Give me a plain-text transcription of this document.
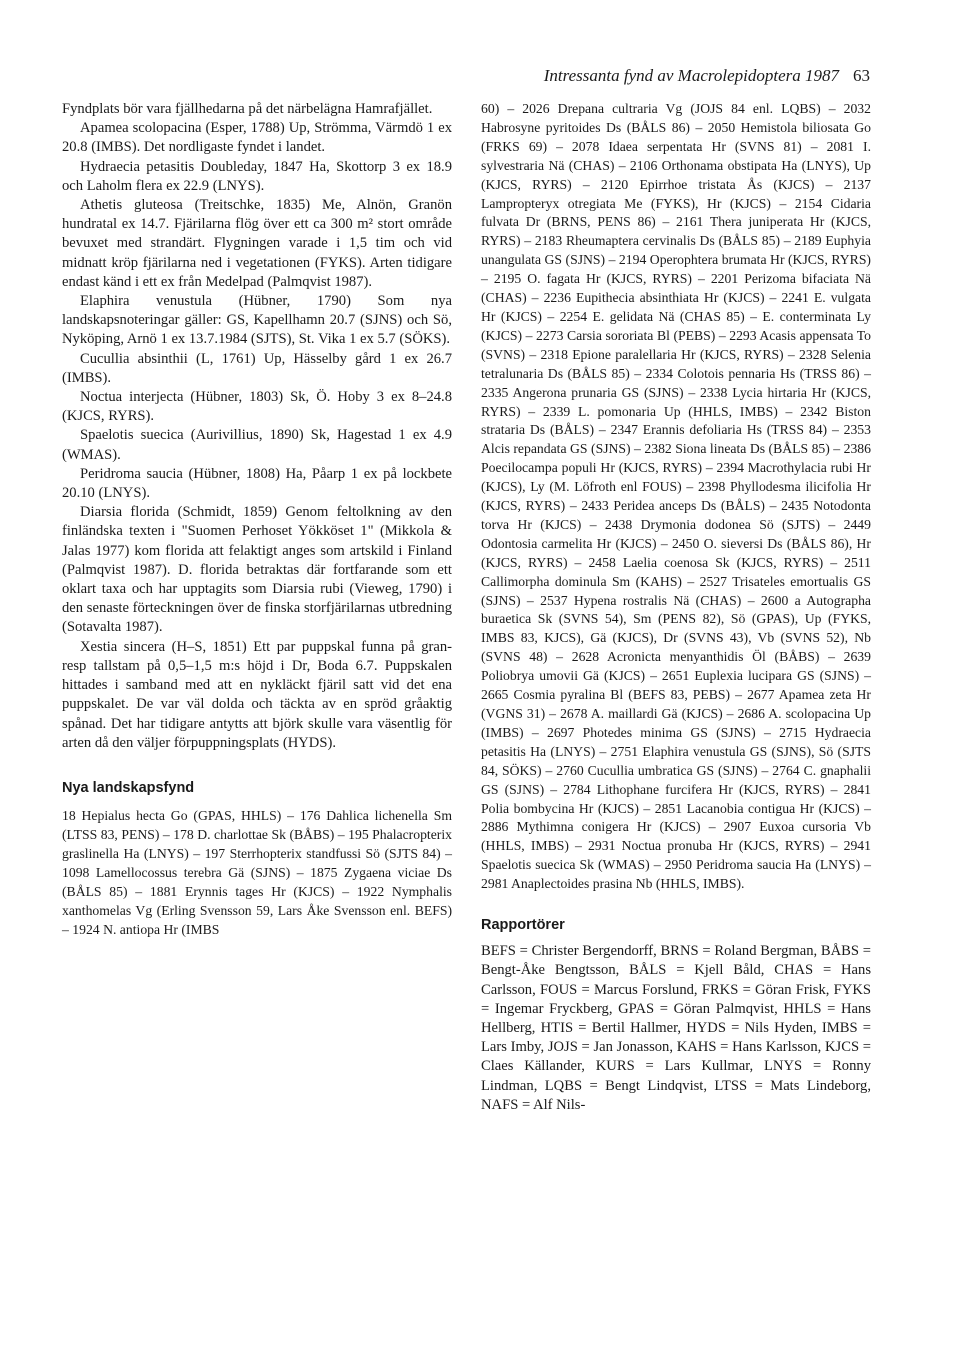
Intressanta fynd av Macrolepidoptera 1987 63

Fyndplats bör vara fjällhedarna på det närbelägna Hamrafjället.

Apamea scolopacina (Esper, 1788) Up, Strömma, Värmdö 1 ex 20.8 (IMBS). Det nordligaste fyndet i landet.

Hydraecia petasitis Doubleday, 1847 Ha, Skottorp 3 ex 18.9 och Laholm flera ex 22.9 (LNYS).

Athetis gluteosa (Treitschke, 1835) Me, Alnön, Granön hundratal ex 14.7. Fjärilarna flög över ett ca 300 m² stort område bevuxet med strandärt. Flygningen varade i 1,5 tim och vid midnatt kröp fjärilarna ned i vegetationen (FYKS). Arten tidigare endast känd i ett ex från Medelpad (Palmqvist 1987).

Elaphira venustula (Hübner, 1790) Som nya landskapsnoteringar gäller: GS, Kapellhamn 20.7 (SJNS) och Sö, Nyköping, Arnö 1 ex 13.7.1984 (SJTS), St. Vika 1 ex 5.7 (SÖKS).

Cucullia absinthii (L, 1761) Up, Hässelby gård 1 ex 26.7 (IMBS).

Noctua interjecta (Hübner, 1803) Sk, Ö. Hoby 3 ex 8–24.8 (KJCS, RYRS).

Spaelotis suecica (Aurivillius, 1890) Sk, Hagestad 1 ex 4.9 (WMAS).

Peridroma saucia (Hübner, 1808) Ha, Påarp 1 ex på lockbete 20.10 (LNYS).

Diarsia florida (Schmidt, 1859) Genom feltolkning av den finländska texten i "Suomen Perhoset Yökköset 1" (Mikkola & Jalas 1977) kom florida att felaktigt anges som artskild i Finland (Palmqvist 1987). D. florida betraktas där fortfarande som ett oklart taxa och har upptagits som Diarsia rubi (Vieweg, 1790) i den senaste förteckningen över de finska storfjärilarnas utbredning (Sotavalta 1987).

Xestia sincera (H–S, 1851) Ett par puppskal funna på gran- resp tallstam på 0,5–1,5 m:s höjd i Dr, Boda 6.7. Puppskalen hittades i samband med att en nykläckt fjäril satt vid det ena puppskalet. De var väl dolda och täckta av en spröd gråaktig spånad. Det har tidigare antytts att björk skulle vara väsentlig för arten då den väljer förpuppningsplats (HYDS).

Nya landskapsfynd

18 Hepialus hecta Go (GPAS, HHLS) – 176 Dahlica lichenella Sm (LTSS 83, PENS) – 178 D. charlottae Sk (BÅBS) – 195 Phalacropterix graslinella Ha (LNYS) – 197 Sterrhopterix standfussi Sö (SJTS 84) – 1098 Lamellocossus terebra Gä (SJNS) – 1875 Zygaena viciae Ds (BÅLS 85) – 1881 Erynnis tages Hr (KJCS) – 1922 Nymphalis xanthomelas Vg (Erling Svensson 59, Lars Åke Svensson enl. BEFS) – 1924 N. antiopa Hr (IMBS

60) – 2026 Drepana cultraria Vg (JOJS 84 enl. LQBS) – 2032 Habrosyne pyritoides Ds (BÅLS 86) – 2050 Hemistola biliosata Go (FRKS 69) – 2078 Idaea serpentata Hr (SVNS 81) – 2081 I. sylvestraria Nä (CHAS) – 2106 Orthonama obstipata Ha (LNYS), Up (KJCS, RYRS) – 2120 Epirrhoe tristata Ås (KJCS) – 2137 Lampropteryx otregiata Me (FYKS), Hr (KJCS) – 2154 Cidaria fulvata Dr (BRNS, PENS 86) – 2161 Thera juniperata Hr (KJCS, RYRS) – 2183 Rheumaptera cervinalis Ds (BÅLS 85) – 2189 Euphyia unangulata GS (SJNS) – 2194 Operophtera brumata Hr (KJCS, RYRS) – 2195 O. fagata Hr (KJCS, RYRS) – 2201 Perizoma bifaciata Nä (CHAS) – 2236 Eupithecia absinthiata Hr (KJCS) – 2241 E. vulgata Hr (KJCS) – 2254 E. gelidata Nä (CHAS 85) – E. conterminata Ly (KJCS) – 2273 Carsia sororiata Bl (PEBS) – 2293 Acasis appensata To (SVNS) – 2318 Epione paralellaria Hr (KJCS, RYRS) – 2328 Selenia tetralunaria Ds (BÅLS 85) – 2334 Colotois pennaria Hs (TRSS 86) – 2335 Angerona prunaria GS (SJNS) – 2338 Lycia hirtaria Hr (KJCS, RYRS) – 2339 L. pomonaria Up (HHLS, IMBS) – 2342 Biston strataria Ds (BÅLS) – 2347 Erannis defoliaria Hs (TRSS 84) – 2353 Alcis repandata GS (SJNS) – 2382 Siona lineata Ds (BÅLS 85) – 2386 Poecilocampa populi Hr (KJCS, RYRS) – 2394 Macrothylacia rubi Hr (KJCS), Ly (M. Löfroth enl FOUS) – 2398 Phyllodesma ilicifolia Hr (KJCS, RYRS) – 2433 Peridea anceps Ds (BÅLS) – 2435 Notodonta torva Hr (KJCS) – 2438 Drymonia dodonea Sö (SJTS) – 2449 Odontosia carmelita Hr (KJCS) – 2450 O. sieversi Ds (BÅLS 86), Hr (KJCS, RYRS) – 2458 Laelia coenosa Sk (KJCS, RYRS) – 2511 Callimorpha dominula Sm (KAHS) – 2527 Trisateles emortualis GS (SJNS) – 2537 Hypena rostralis Nä (CHAS) – 2600 a Autographa buraetica Sk (SVNS 54), Sm (PENS 82), Sö (GPAS), Up (FYKS, IMBS 83, KJCS), Gä (KJCS), Dr (SVNS 43), Vb (SVNS 52), Nb (SVNS 48) – 2628 Acronicta menyanthidis Öl (BÅBS) – 2639 Poliobrya umovii Gä (KJCS) – 2651 Euplexia lucipara GS (SJNS) – 2665 Cosmia pyralina Bl (BEFS 83, PEBS) – 2677 Apamea zeta Hr (VGNS 31) – 2678 A. maillardi Gä (KJCS) – 2686 A. scolopacina Up (IMBS) – 2697 Photedes minima GS (SJNS) – 2715 Hydraecia petasitis Ha (LNYS) – 2751 Elaphira venustula GS (SJNS), Sö (SJTS 84, SÖKS) – 2760 Cucullia umbratica GS (SJNS) – 2764 C. gnaphalii GS (SJNS) – 2784 Lithophane furcifera Hr (KJCS, RYRS) – 2841 Polia bombycina Hr (KJCS) – 2851 Lacanobia contigua Hr (KJCS) – 2886 Mythimna conigera Hr (KJCS) – 2907 Euxoa cursoria Vb (HHLS, IMBS) – 2931 Noctua pronuba Hr (KJCS, RYRS) – 2941 Spaelotis suecica Sk (WMAS) – 2950 Peridroma saucia Ha (LNYS) – 2981 Anaplectoides prasina Nb (HHLS, IMBS).

Rapportörer

BEFS = Christer Bergendorff, BRNS = Roland Bergman, BÅBS = Bengt-Åke Bengtsson, BÅLS = Kjell Båld, CHAS = Hans Carlsson, FOUS = Marcus Forslund, FRKS = Göran Frisk, FYKS = Ingemar Fryckberg, GPAS = Göran Palmqvist, HHLS = Hans Hellberg, HTIS = Bertil Hallmer, HYDS = Nils Hyden, IMBS = Lars Imby, JOJS = Jan Jonasson, KAHS = Hans Karlsson, KJCS = Claes Källander, KURS = Lars Kullmar, LNYS = Ronny Lindman, LQBS = Bengt Lindqvist, LTSS = Mats Lindeborg, NAFS = Alf Nils-
